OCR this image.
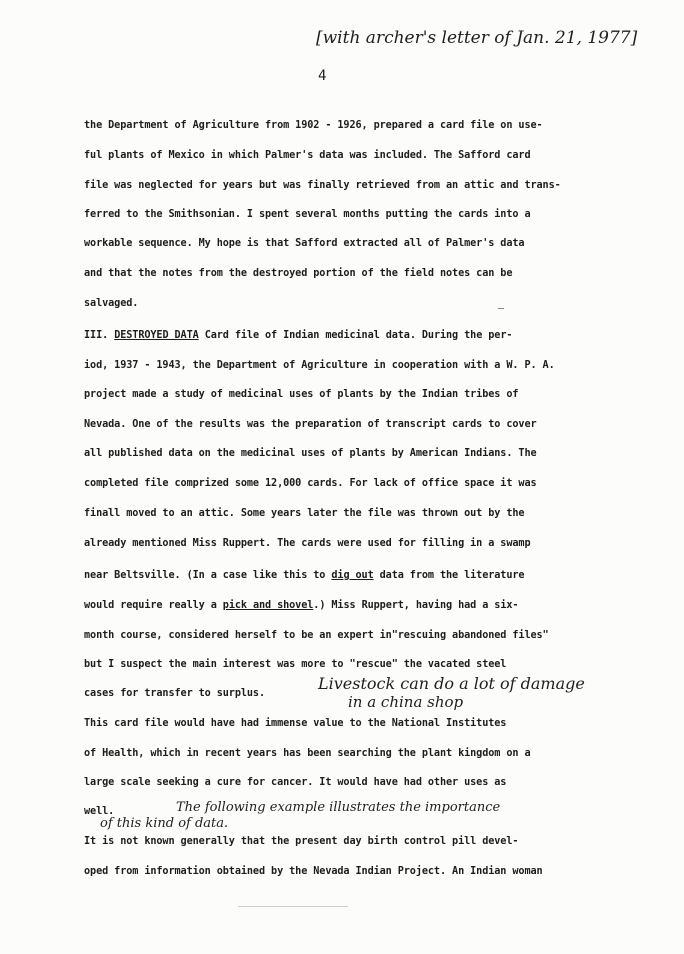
[with archer's letter of Jan. 21, 1977]
4
the Department of Agriculture from 1902 - 1926, prepared a card file on use-
ful plants of Mexico in which Palmer's data was included. The Safford card
file was neglected for years but was finally retrieved from an attic and trans-
ferred to the Smithsonian. I spent several months putting the cards into a
workable sequence. My hope is that Safford extracted all of Palmer's data
and that the notes from the destroyed portion of the field notes can be
salvaged.
III. DESTROYED DATA Card file of Indian medicinal data. During the per-
iod, 1937 - 1943, the Department of Agriculture in cooperation with a W. P. A.
project made a study of medicinal uses of plants by the Indian tribes of
Nevada. One of the results was the preparation of transcript cards to cover
all published data on the medicinal uses of plants by American Indians. The
completed file comprized some 12,000 cards. For lack of office space it was
finall moved to an attic. Some years later the file was thrown out by the
already mentioned Miss Ruppert. The cards were used for filling in a swamp
near Beltsville. (In a case like this to dig out data from the literature
would require really a pick and shovel.) Miss Ruppert, having had a six-
month course, considered herself to be an expert in"rescuing abandoned files"
but I suspect the main interest was more to "rescue" the vacated steel
cases for transfer to surplus.
Livestock can do a lot of damage
in a china shop
This card file would have had immense value to the National Institutes
of Health, which in recent years has been searching the plant kingdom on a
large scale seeking a cure for cancer. It would have had other uses as
well.	The following example illustrates the importance
of this kind of data.
It is not known generally that the present day birth control pill devel-
oped from information obtained by the Nevada Indian Project. An Indian woman
